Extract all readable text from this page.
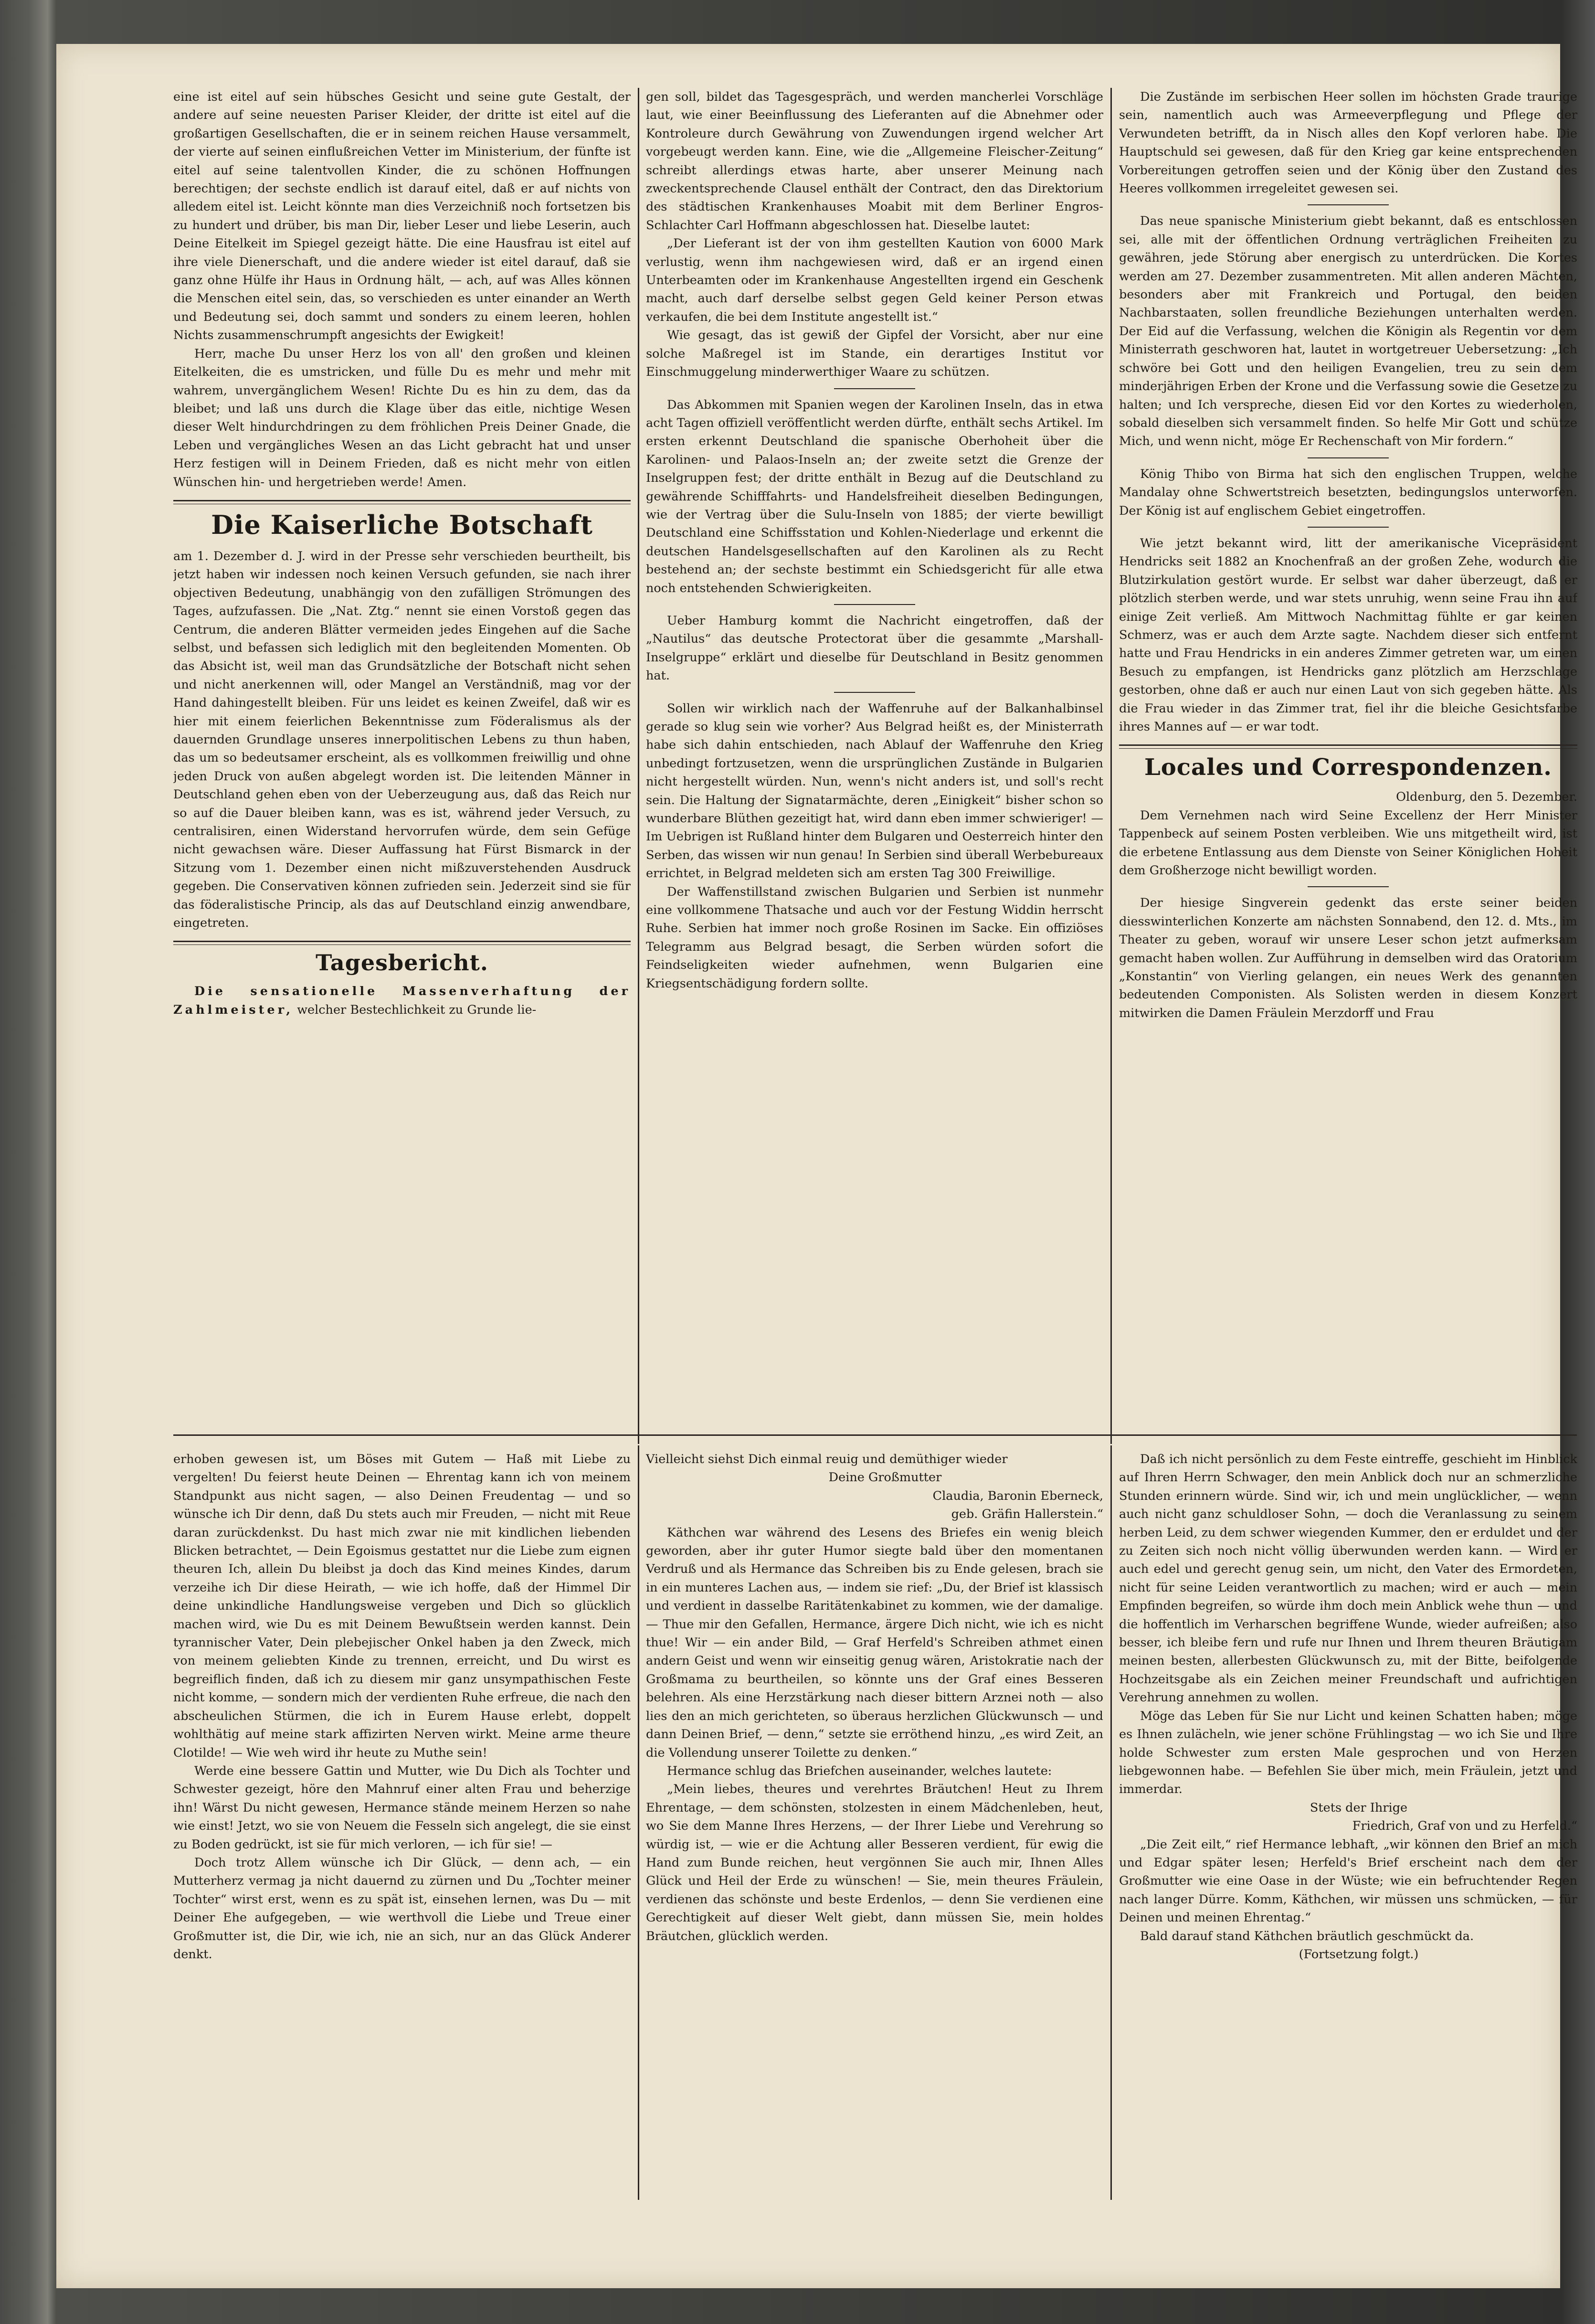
eine ist eitel auf sein hübsches Gesicht und seine gute Gestalt, der andere auf seine neuesten Pariser Kleider, der dritte ist eitel auf die großartigen Gesellschaften, die er in seinem reichen Hause versammelt, der vierte auf seinen einflußreichen Vetter im Ministerium, der fünfte ist eitel auf seine talentvollen Kinder, die zu schönen Hoffnungen berechtigen; der sechste endlich ist darauf eitel, daß er auf nichts von alledem eitel ist. Leicht könnte man dies Verzeichniß noch fortsetzen bis zu hundert und drüber, bis man Dir, lieber Leser und liebe Leserin, auch Deine Eitelkeit im Spiegel gezeigt hätte. Die eine Hausfrau ist eitel auf ihre viele Dienerschaft, und die andere wieder ist eitel darauf, daß sie ganz ohne Hülfe ihr Haus in Ordnung hält, — ach, auf was Alles können die Menschen eitel sein, das, so verschieden es unter einander an Werth und Bedeutung sei, doch sammt und sonders zu einem leeren, hohlen Nichts zusammenschrumpft angesichts der Ewigkeit!

Herr, mache Du unser Herz los von all' den großen und kleinen Eitelkeiten, die es umstricken, und fülle Du es mehr und mehr mit wahrem, unvergänglichem Wesen! Richte Du es hin zu dem, das da bleibet; und laß uns durch die Klage über das eitle, nichtige Wesen dieser Welt hindurchdringen zu dem fröhlichen Preis Deiner Gnade, die Leben und vergängliches Wesen an das Licht gebracht hat und unser Herz festigen will in Deinem Frieden, daß es nicht mehr von eitlen Wünschen hin- und hergetrieben werde! Amen.

Die Kaiserliche Botschaft

am 1. Dezember d. J. wird in der Presse sehr verschieden beurtheilt, bis jetzt haben wir indessen noch keinen Versuch gefunden, sie nach ihrer objectiven Bedeutung, unabhängig von den zufälligen Strömungen des Tages, aufzufassen. Die „Nat. Ztg.“ nennt sie einen Vorstoß gegen das Centrum, die anderen Blätter vermeiden jedes Eingehen auf die Sache selbst, und befassen sich lediglich mit den begleitenden Momenten. Ob das Absicht ist, weil man das Grundsätzliche der Botschaft nicht sehen und nicht anerkennen will, oder Mangel an Verständniß, mag vor der Hand dahingestellt bleiben. Für uns leidet es keinen Zweifel, daß wir es hier mit einem feierlichen Bekenntnisse zum Föderalismus als der dauernden Grundlage unseres innerpolitischen Lebens zu thun haben, das um so bedeutsamer erscheint, als es vollkommen freiwillig und ohne jeden Druck von außen abgelegt worden ist. Die leitenden Männer in Deutschland gehen eben von der Ueberzeugung aus, daß das Reich nur so auf die Dauer bleiben kann, was es ist, während jeder Versuch, zu centralisiren, einen Widerstand hervorrufen würde, dem sein Gefüge nicht gewachsen wäre. Dieser Auffassung hat Fürst Bismarck in der Sitzung vom 1. Dezember einen nicht mißzuverstehenden Ausdruck gegeben. Die Conservativen können zufrieden sein. Jederzeit sind sie für das föderalistische Princip, als das auf Deutschland einzig anwendbare, eingetreten.

Tagesbericht.

Die sensationelle Massenverhaftung der Zahlmeister, welcher Bestechlichkeit zu Grunde lie-

gen soll, bildet das Tagesgespräch, und werden mancherlei Vorschläge laut, wie einer Beeinflussung des Lieferanten auf die Abnehmer oder Kontroleure durch Gewährung von Zuwendungen irgend welcher Art vorgebeugt werden kann. Eine, wie die „Allgemeine Fleischer-Zeitung“ schreibt allerdings etwas harte, aber unserer Meinung nach zweckentsprechende Clausel enthält der Contract, den das Direktorium des städtischen Krankenhauses Moabit mit dem Berliner Engros-Schlachter Carl Hoffmann abgeschlossen hat. Dieselbe lautet:

„Der Lieferant ist der von ihm gestellten Kaution von 6000 Mark verlustig, wenn ihm nachgewiesen wird, daß er an irgend einen Unterbeamten oder im Krankenhause Angestellten irgend ein Geschenk macht, auch darf derselbe selbst gegen Geld keiner Person etwas verkaufen, die bei dem Institute angestellt ist.“

Wie gesagt, das ist gewiß der Gipfel der Vorsicht, aber nur eine solche Maßregel ist im Stande, ein derartiges Institut vor Einschmuggelung minderwerthiger Waare zu schützen.

Das Abkommen mit Spanien wegen der Karolinen Inseln, das in etwa acht Tagen offiziell veröffentlicht werden dürfte, enthält sechs Artikel. Im ersten erkennt Deutschland die spanische Oberhoheit über die Karolinen- und Palaos-Inseln an; der zweite setzt die Grenze der Inselgruppen fest; der dritte enthält in Bezug auf die Deutschland zu gewährende Schifffahrts- und Handelsfreiheit dieselben Bedingungen, wie der Vertrag über die Sulu-Inseln von 1885; der vierte bewilligt Deutschland eine Schiffsstation und Kohlen-Niederlage und erkennt die deutschen Handelsgesellschaften auf den Karolinen als zu Recht bestehend an; der sechste bestimmt ein Schiedsgericht für alle etwa noch entstehenden Schwierigkeiten.

Ueber Hamburg kommt die Nachricht eingetroffen, daß der „Nautilus“ das deutsche Protectorat über die gesammte „Marshall-Inselgruppe“ erklärt und dieselbe für Deutschland in Besitz genommen hat.

Sollen wir wirklich nach der Waffenruhe auf der Balkanhalbinsel gerade so klug sein wie vorher? Aus Belgrad heißt es, der Ministerrath habe sich dahin entschieden, nach Ablauf der Waffenruhe den Krieg unbedingt fortzusetzen, wenn die ursprünglichen Zustände in Bulgarien nicht hergestellt würden. Nun, wenn's nicht anders ist, und soll's recht sein. Die Haltung der Signatarmächte, deren „Einigkeit“ bisher schon so wunderbare Blüthen gezeitigt hat, wird dann eben immer schwieriger! — Im Uebrigen ist Rußland hinter dem Bulgaren und Oesterreich hinter den Serben, das wissen wir nun genau! In Serbien sind überall Werbebureaux errichtet, in Belgrad meldeten sich am ersten Tag 300 Freiwillige.

Der Waffenstillstand zwischen Bulgarien und Serbien ist nunmehr eine vollkommene Thatsache und auch vor der Festung Widdin herrscht Ruhe. Serbien hat immer noch große Rosinen im Sacke. Ein offiziöses Telegramm aus Belgrad besagt, die Serben würden sofort die Feindseligkeiten wieder aufnehmen, wenn Bulgarien eine Kriegsentschädigung fordern sollte.

Die Zustände im serbischen Heer sollen im höchsten Grade traurige sein, namentlich auch was Armeeverpflegung und Pflege der Verwundeten betrifft, da in Nisch alles den Kopf verloren habe. Die Hauptschuld sei gewesen, daß für den Krieg gar keine entsprechenden Vorbereitungen getroffen seien und der König über den Zustand des Heeres vollkommen irregeleitet gewesen sei.

Das neue spanische Ministerium giebt bekannt, daß es entschlossen sei, alle mit der öffentlichen Ordnung verträglichen Freiheiten zu gewähren, jede Störung aber energisch zu unterdrücken. Die Kortes werden am 27. Dezember zusammentreten. Mit allen anderen Mächten, besonders aber mit Frankreich und Portugal, den beiden Nachbarstaaten, sollen freundliche Beziehungen unterhalten werden. Der Eid auf die Verfassung, welchen die Königin als Regentin vor dem Ministerrath geschworen hat, lautet in wortgetreuer Uebersetzung: „Ich schwöre bei Gott und den heiligen Evangelien, treu zu sein dem minderjährigen Erben der Krone und die Verfassung sowie die Gesetze zu halten; und Ich verspreche, diesen Eid vor den Kortes zu wiederholen, sobald dieselben sich versammelt finden. So helfe Mir Gott und schütze Mich, und wenn nicht, möge Er Rechenschaft von Mir fordern.“

König Thibo von Birma hat sich den englischen Truppen, welche Mandalay ohne Schwertstreich besetzten, bedingungslos unterworfen. Der König ist auf englischem Gebiet eingetroffen.

Wie jetzt bekannt wird, litt der amerikanische Vicepräsident Hendricks seit 1882 an Knochenfraß an der großen Zehe, wodurch die Blutzirkulation gestört wurde. Er selbst war daher überzeugt, daß er plötzlich sterben werde, und war stets unruhig, wenn seine Frau ihn auf einige Zeit verließ. Am Mittwoch Nachmittag fühlte er gar keinen Schmerz, was er auch dem Arzte sagte. Nachdem dieser sich entfernt hatte und Frau Hendricks in ein anderes Zimmer getreten war, um einen Besuch zu empfangen, ist Hendricks ganz plötzlich am Herzschlage gestorben, ohne daß er auch nur einen Laut von sich gegeben hätte. Als die Frau wieder in das Zimmer trat, fiel ihr die bleiche Gesichtsfarbe ihres Mannes auf — er war todt.

Locales und Correspondenzen.

Oldenburg, den 5. Dezember.

Dem Vernehmen nach wird Seine Excellenz der Herr Minister Tappenbeck auf seinem Posten verbleiben. Wie uns mitgetheilt wird, ist die erbetene Entlassung aus dem Dienste von Seiner Königlichen Hoheit dem Großherzoge nicht bewilligt worden.

Der hiesige Singverein gedenkt das erste seiner beiden diesswinterlichen Konzerte am nächsten Sonnabend, den 12. d. Mts., im Theater zu geben, worauf wir unsere Leser schon jetzt aufmerksam gemacht haben wollen. Zur Aufführung in demselben wird das Oratorium „Konstantin“ von Vierling gelangen, ein neues Werk des genannten bedeutenden Componisten. Als Solisten werden in diesem Konzert mitwirken die Damen Fräulein Merzdorff und Frau

erhoben gewesen ist, um Böses mit Gutem — Haß mit Liebe zu vergelten! Du feierst heute Deinen — Ehrentag kann ich von meinem Standpunkt aus nicht sagen, — also Deinen Freudentag — und so wünsche ich Dir denn, daß Du stets auch mir Freuden, — nicht mit Reue daran zurückdenkst. Du hast mich zwar nie mit kindlichen liebenden Blicken betrachtet, — Dein Egoismus gestattet nur die Liebe zum eignen theuren Ich, allein Du bleibst ja doch das Kind meines Kindes, darum verzeihe ich Dir diese Heirath, — wie ich hoffe, daß der Himmel Dir deine unkindliche Handlungsweise vergeben und Dich so glücklich machen wird, wie Du es mit Deinem Bewußtsein werden kannst. Dein tyrannischer Vater, Dein plebejischer Onkel haben ja den Zweck, mich von meinem geliebten Kinde zu trennen, erreicht, und Du wirst es begreiflich finden, daß ich zu diesem mir ganz unsympathischen Feste nicht komme, — sondern mich der verdienten Ruhe erfreue, die nach den abscheulichen Stürmen, die ich in Eurem Hause erlebt, doppelt wohlthätig auf meine stark affizirten Nerven wirkt. Meine arme theure Clotilde! — Wie weh wird ihr heute zu Muthe sein!

Werde eine bessere Gattin und Mutter, wie Du Dich als Tochter und Schwester gezeigt, höre den Mahnruf einer alten Frau und beherzige ihn! Wärst Du nicht gewesen, Hermance stände meinem Herzen so nahe wie einst! Jetzt, wo sie von Neuem die Fesseln sich angelegt, die sie einst zu Boden gedrückt, ist sie für mich verloren, — ich für sie! —

Doch trotz Allem wünsche ich Dir Glück, — denn ach, — ein Mutterherz vermag ja nicht dauernd zu zürnen und Du „Tochter meiner Tochter“ wirst erst, wenn es zu spät ist, einsehen lernen, was Du — mit Deiner Ehe aufgegeben, — wie werthvoll die Liebe und Treue einer Großmutter ist, die Dir, wie ich, nie an sich, nur an das Glück Anderer denkt.

Vielleicht siehst Dich einmal reuig und demüthiger wieder

Deine Großmutter

Claudia, Baronin Eberneck,

geb. Gräfin Hallerstein.“

Käthchen war während des Lesens des Briefes ein wenig bleich geworden, aber ihr guter Humor siegte bald über den momentanen Verdruß und als Hermance das Schreiben bis zu Ende gelesen, brach sie in ein munteres Lachen aus, — indem sie rief: „Du, der Brief ist klassisch und verdient in dasselbe Raritätenkabinet zu kommen, wie der damalige. — Thue mir den Gefallen, Hermance, ärgere Dich nicht, wie ich es nicht thue! Wir — ein ander Bild, — Graf Herfeld's Schreiben athmet einen andern Geist und wenn wir einseitig genug wären, Aristokratie nach der Großmama zu beurtheilen, so könnte uns der Graf eines Besseren belehren. Als eine Herzstärkung nach dieser bittern Arznei noth — also lies den an mich gerichteten, so überaus herzlichen Glückwunsch — und dann Deinen Brief, — denn,“ setzte sie erröthend hinzu, „es wird Zeit, an die Vollendung unserer Toilette zu denken.“

Hermance schlug das Briefchen auseinander, welches lautete:

„Mein liebes, theures und verehrtes Bräutchen! Heut zu Ihrem Ehrentage, — dem schönsten, stolzesten in einem Mädchenleben, heut, wo Sie dem Manne Ihres Herzens, — der Ihrer Liebe und Verehrung so würdig ist, — wie er die Achtung aller Besseren verdient, für ewig die Hand zum Bunde reichen, heut vergönnen Sie auch mir, Ihnen Alles Glück und Heil der Erde zu wünschen! — Sie, mein theures Fräulein, verdienen das schönste und beste Erdenlos, — denn Sie verdienen eine Gerechtigkeit auf dieser Welt giebt, dann müssen Sie, mein holdes Bräutchen, glücklich werden.

Daß ich nicht persönlich zu dem Feste eintreffe, geschieht im Hinblick auf Ihren Herrn Schwager, den mein Anblick doch nur an schmerzliche Stunden erinnern würde. Sind wir, ich und mein unglücklicher, — wenn auch nicht ganz schuldloser Sohn, — doch die Veranlassung zu seinem herben Leid, zu dem schwer wiegenden Kummer, den er erduldet und der zu Zeiten sich noch nicht völlig überwunden werden kann. — Wird er auch edel und gerecht genug sein, um nicht, den Vater des Ermordeten, nicht für seine Leiden verantwortlich zu machen; wird er auch — mein Empfinden begreifen, so würde ihm doch mein Anblick wehe thun — und die hoffentlich im Verharschen begriffene Wunde, wieder aufreißen; also besser, ich bleibe fern und rufe nur Ihnen und Ihrem theuren Bräutigam meinen besten, allerbesten Glückwunsch zu, mit der Bitte, beifolgende Hochzeitsgabe als ein Zeichen meiner Freundschaft und aufrichtigen Verehrung annehmen zu wollen.

Möge das Leben für Sie nur Licht und keinen Schatten haben; möge es Ihnen zulächeln, wie jener schöne Frühlingstag — wo ich Sie und Ihre holde Schwester zum ersten Male gesprochen und von Herzen liebgewonnen habe. — Befehlen Sie über mich, mein Fräulein, jetzt und immerdar.

Stets der Ihrige

Friedrich, Graf von und zu Herfeld.“

„Die Zeit eilt,“ rief Hermance lebhaft, „wir können den Brief an mich und Edgar später lesen; Herfeld's Brief erscheint nach dem der Großmutter wie eine Oase in der Wüste; wie ein befruchtender Regen nach langer Dürre. Komm, Käthchen, wir müssen uns schmücken, — für Deinen und meinen Ehrentag.“

Bald darauf stand Käthchen bräutlich geschmückt da.

(Fortsetzung folgt.)
